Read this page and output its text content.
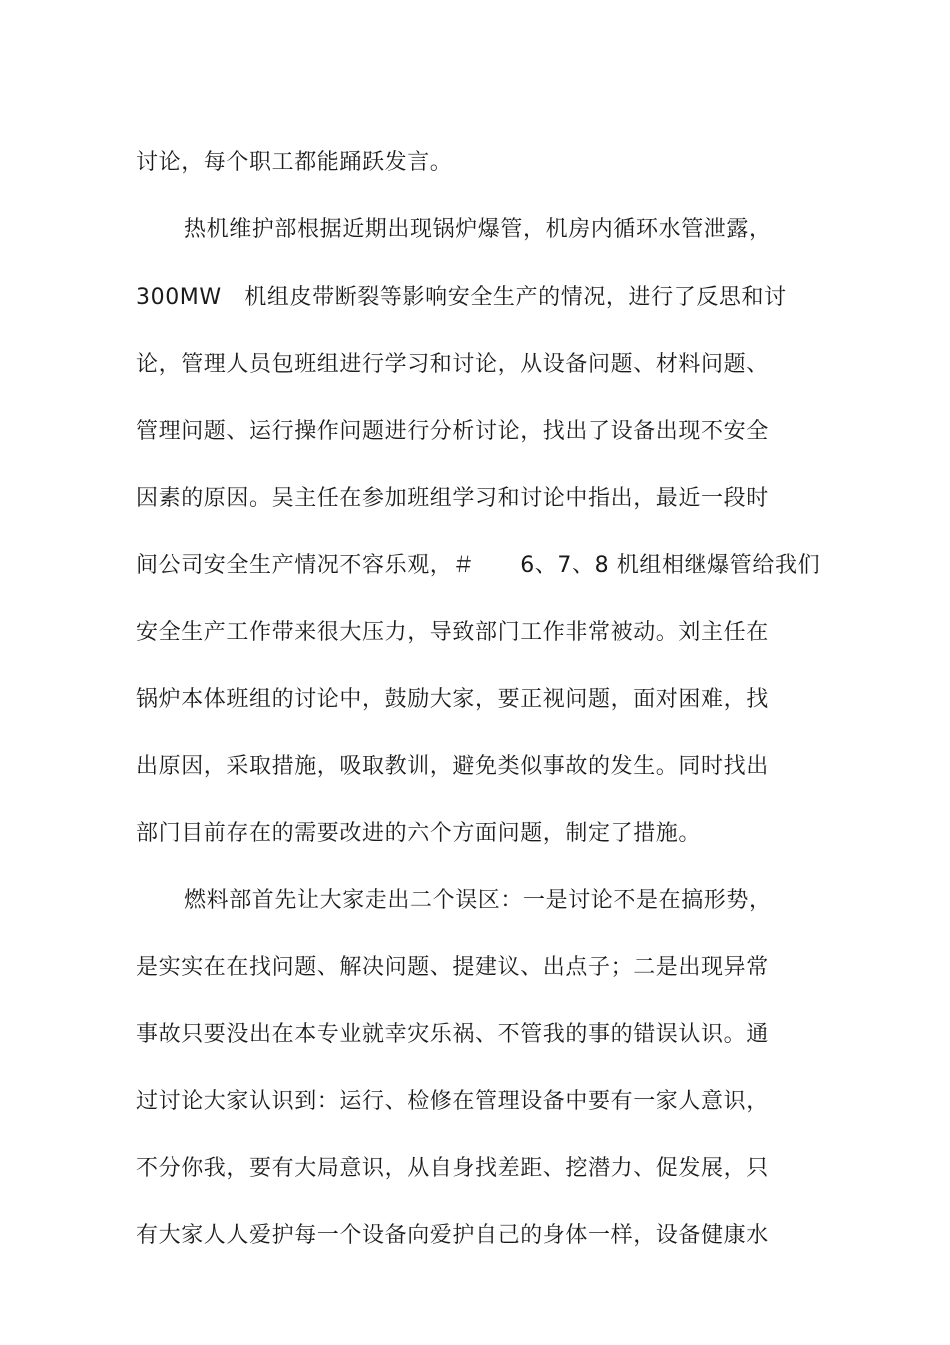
讨论，每个职工都能踊跃发言。
热机维护部根据近期出现锅炉爆管，机房内循环水管泄露，
300MW　机组皮带断裂等影响安全生产的情况，进行了反思和讨
论，管理人员包班组进行学习和讨论，从设备问题、材料问题、
管理问题、运行操作问题进行分析讨论，找出了设备出现不安全
因素的原因。吴主任在参加班组学习和讨论中指出，最近一段时
间公司安全生产情况不容乐观，＃　　6、7、8 机组相继爆管给我们
安全生产工作带来很大压力，导致部门工作非常被动。刘主任在
锅炉本体班组的讨论中，鼓励大家，要正视问题，面对困难，找
出原因，采取措施，吸取教训，避免类似事故的发生。同时找出
部门目前存在的需要改进的六个方面问题，制定了措施。
燃料部首先让大家走出二个误区：一是讨论不是在搞形势，
是实实在在找问题、解决问题、提建议、出点子；二是出现异常
事故只要没出在本专业就幸灾乐祸、不管我的事的错误认识。通
过讨论大家认识到：运行、检修在管理设备中要有一家人意识，
不分你我，要有大局意识，从自身找差距、挖潜力、促发展，只
有大家人人爱护每一个设备向爱护自己的身体一样，设备健康水
